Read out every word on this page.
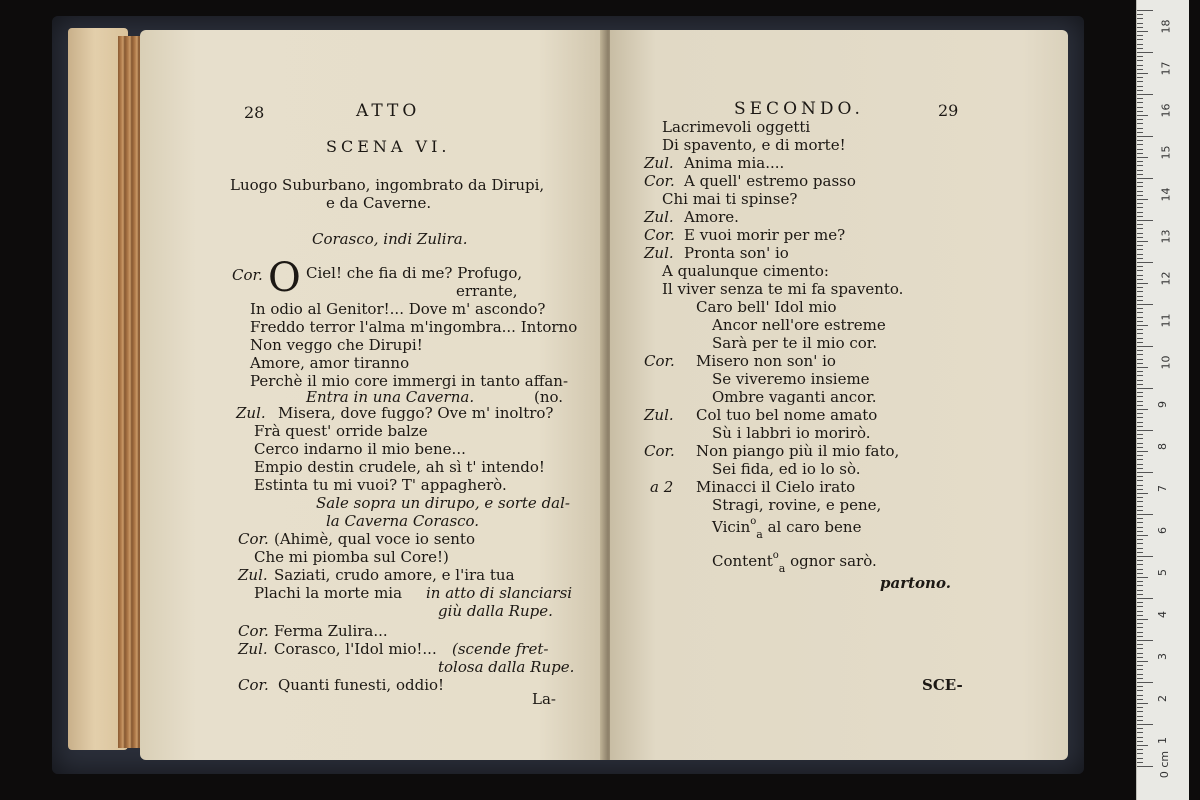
28	ATTO
SCENA VI.
Luogo Suburbano, ingombrato da Dirupi,
e da Caverne.
Corasco, indi Zulira.
Cor. O Ciel! che fia di me? Profugo,
errante,
In odio al Genitor!... Dove m' ascondo?
Freddo terror l'alma m'ingombra... Intorno
Non veggo che Dirupi!
Amore, amor tiranno
Perchè il mio core immergi in tanto affan-
Entra in una Caverna.	(no.
Zul. Misera, dove fuggo? Ove m' inoltro?
Frà quest' orride balze
Cerco indarno il mio bene...
Empio destin crudele, ah sì t' intendo!
Estinta tu mi vuoi? T' appagherò.
Sale sopra un dirupo, e sorte dal-
la Caverna Corasco.
Cor. (Ahimè, qual voce io sento
Che mi piomba sul Core!)
Zul. Saziati, crudo amore, e l'ira tua
Plachi la morte mia in atto di slanciarsi
giù dalla Rupe.
Cor. Ferma Zulira...
Zul. Corasco, l'Idol mio!... (scende fret-
tolosa dalla Rupe.
Cor. Quanti funesti, oddio!
La-
SECONDO.	29
Lacrimevoli oggetti
Di spavento, e di morte!
Zul. Anima mia....
Cor. A quell' estremo passo
Chi mai ti spinse?
Zul. Amore.
Cor. E vuoi morir per me?
Zul. Pronta son' io
A qualunque cimento:
Il viver senza te mi fa spavento.
Caro bell' Idol mio
Ancor nell'ore estreme
Sarà per te il mio cor.
Cor. Misero non son' io
Se viveremo insieme
Ombre vaganti ancor.
Zul. Col tuo bel nome amato
Sù i labbri io morirò.
Cor. Non piango più il mio fato,
Sei fida, ed io lo sò.
a 2 Minacci il Cielo irato
Stragi, rovine, e pene,
Vicin$^o_a$ al caro bene
Content$^o_a$ ognor sarò.
partono.
SCE-
0 cm
1
2
3
4
5
6
7
8
9
10
11
12
13
14
15
16
17
18
